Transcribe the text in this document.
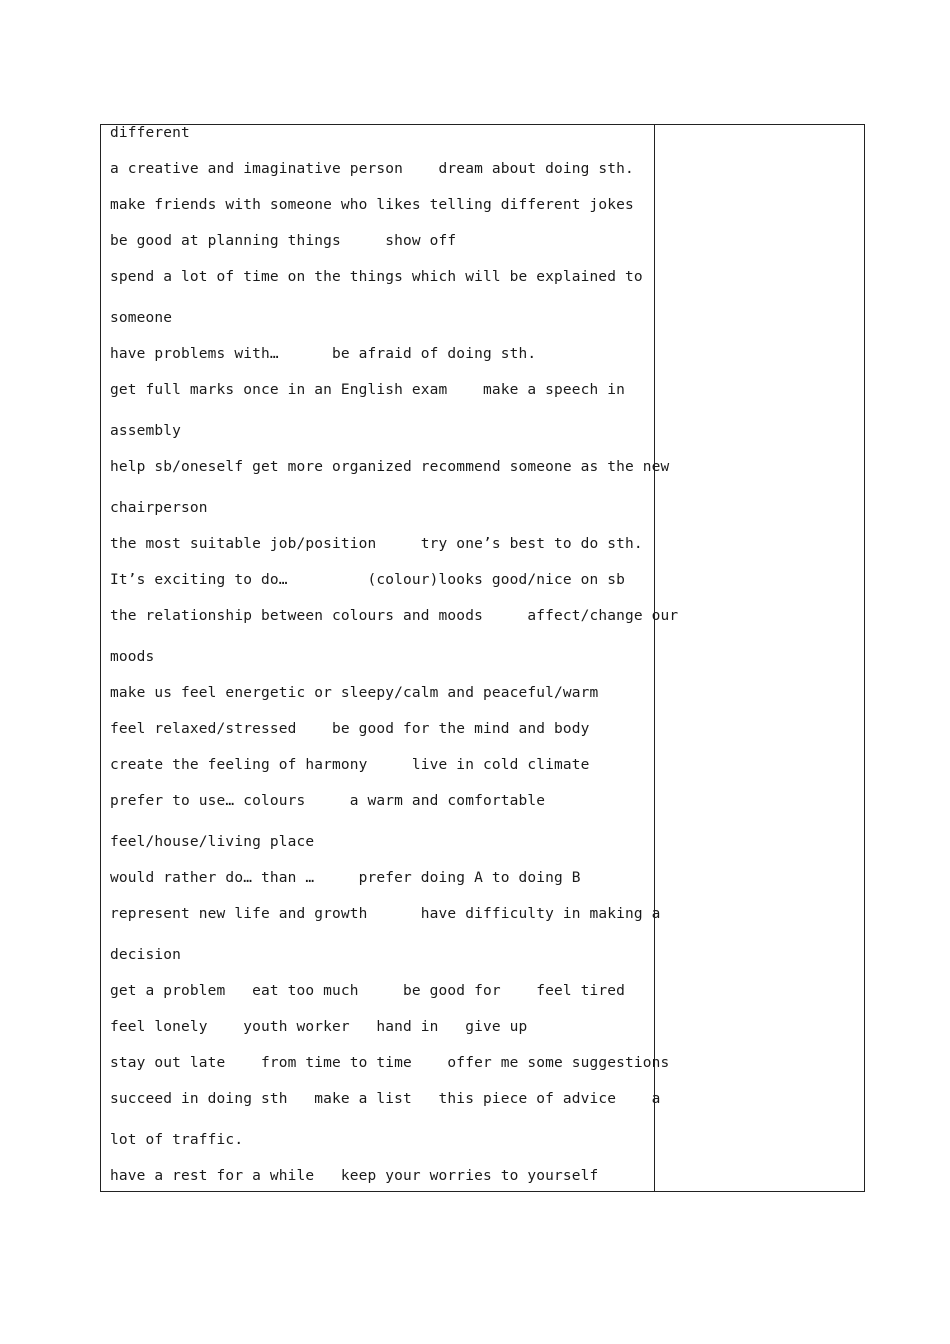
different
a creative and imaginative person    dream about doing sth.
make friends with someone who likes telling different jokes
be good at planning things     show off
spend a lot of time on the things which will be explained to
someone
have problems with…      be afraid of doing sth.
get full marks once in an English exam    make a speech in
assembly
help sb/oneself get more organized recommend someone as the new
chairperson
the most suitable job/position     try one’s best to do sth.
It’s exciting to do…         (colour)looks good/nice on sb
the relationship between colours and moods     affect/change our
moods
make us feel energetic or sleepy/calm and peaceful/warm
feel relaxed/stressed    be good for the mind and body
create the feeling of harmony     live in cold climate
prefer to use… colours     a warm and comfortable
feel/house/living place
would rather do… than …     prefer doing A to doing B
represent new life and growth      have difficulty in making a
decision
get a problem   eat too much     be good for    feel tired
feel lonely    youth worker   hand in   give up
stay out late    from time to time    offer me some suggestions
succeed in doing sth   make a list   this piece of advice    a
lot of traffic.
have a rest for a while   keep your worries to yourself
